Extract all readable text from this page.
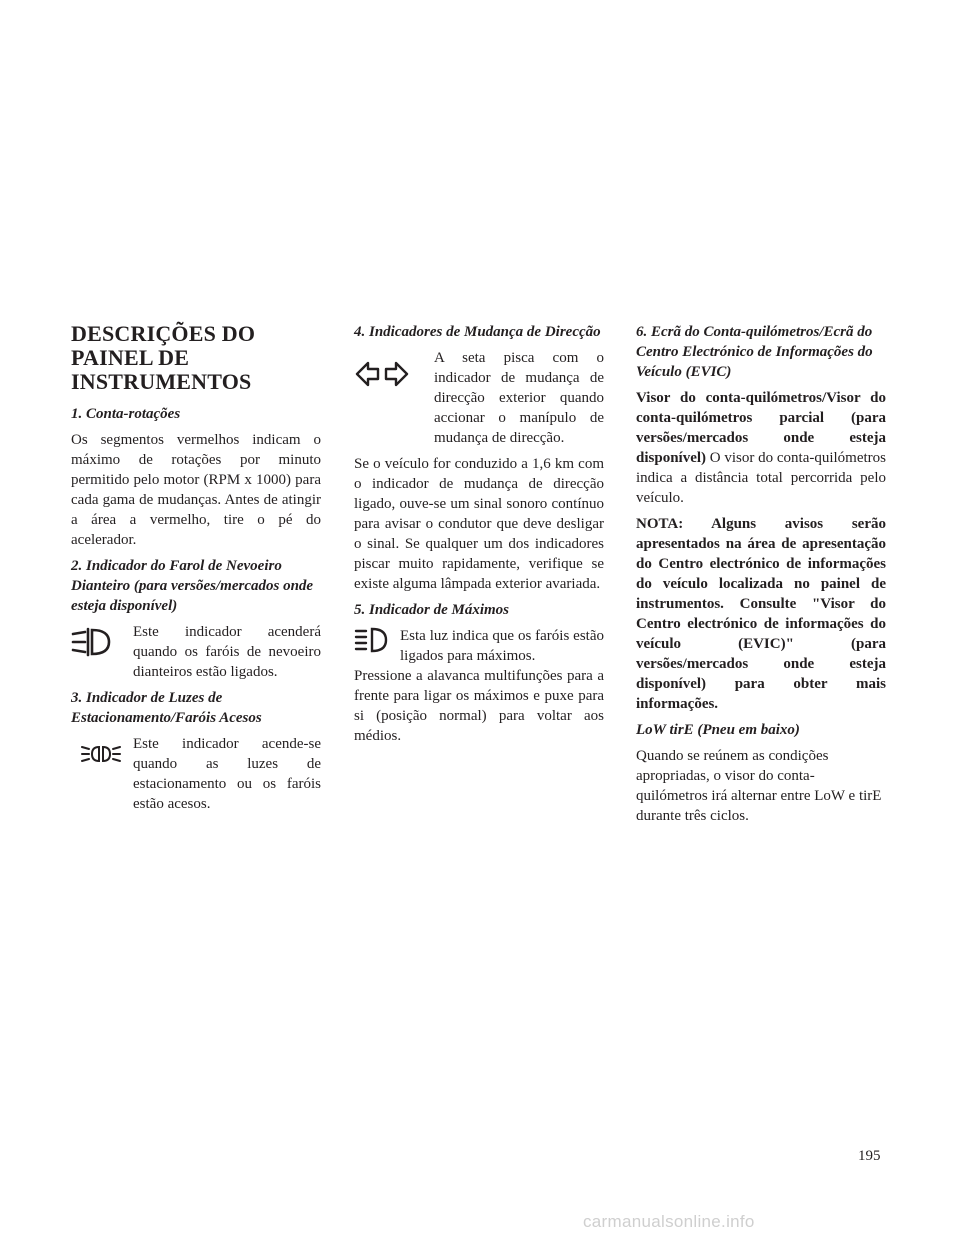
DESCRIÇÕES DO PAINEL DE INSTRUMENTOS
1. Conta-rotações

Os segmentos vermelhos indicam o máximo de rotações por minuto permitido pelo motor (RPM x 1000) para cada gama de mudanças. Antes de atingir a área a vermelho, tire o pé do acelerador.

2. Indicador do Farol de Nevoeiro Dianteiro (para versões/mercados onde esteja disponível)
Este indicador acenderá quando os faróis de nevoeiro dianteiros estão ligados.
3. Indicador de Luzes de Estacionamento/Faróis Acesos
Este indicador acende-se quando as luzes de estacionamento ou os faróis estão acesos.
4. Indicadores de Mudança de Direcção
A seta pisca com o indicador de mudança de direcção exterior quando accionar o manípulo de mudança de direcção.

Se o veículo for conduzido a 1,6 km com o indicador de mudança de direcção ligado, ouve-se um sinal sonoro contínuo para avisar o condutor que deve desligar o sinal. Se qualquer um dos indicadores piscar muito rapidamente, verifique se existe alguma lâmpada exterior avariada.

5. Indicador de Máximos
Esta luz indica que os faróis estão ligados para máximos.

Pressione a alavanca multifunções para a frente para ligar os máximos e puxe para si (posição normal) para voltar aos médios.

6. Ecrã do Conta-quilómetros/Ecrã do Centro Electrónico de Informações do Veículo (EVIC)

Visor do conta-quilómetros/Visor do conta-quilómetros parcial (para versões/mercados onde esteja disponível) O visor do conta-quilómetros indica a distância total percorrida pelo veículo.

NOTA: Alguns avisos serão apresentados na área de apresentação do Centro electrónico de informações do veículo localizada no painel de instrumentos. Consulte "Visor do Centro electrónico de informações do veículo (EVIC)" (para versões/mercados onde esteja disponível) para obter mais informações.

LoW tirE (Pneu em baixo)

Quando se reúnem as condições apropriadas, o visor do conta-quilómetros irá alternar entre LoW e tirE durante três ciclos.

195
carmanualsonline.info
